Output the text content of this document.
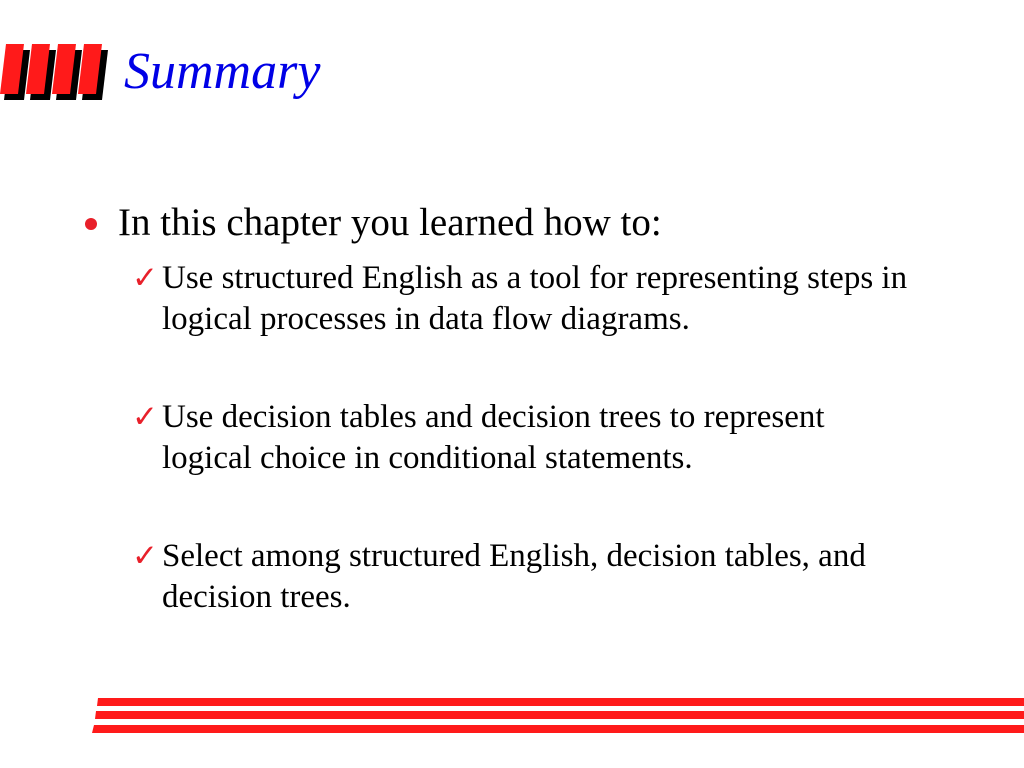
Summary
In this chapter you learned how to:
✓ Use structured English as a tool for representing steps in logical processes in data flow diagrams.
✓ Use decision tables and decision trees to represent logical choice in conditional statements.
✓ Select among structured English, decision tables, and decision trees.
